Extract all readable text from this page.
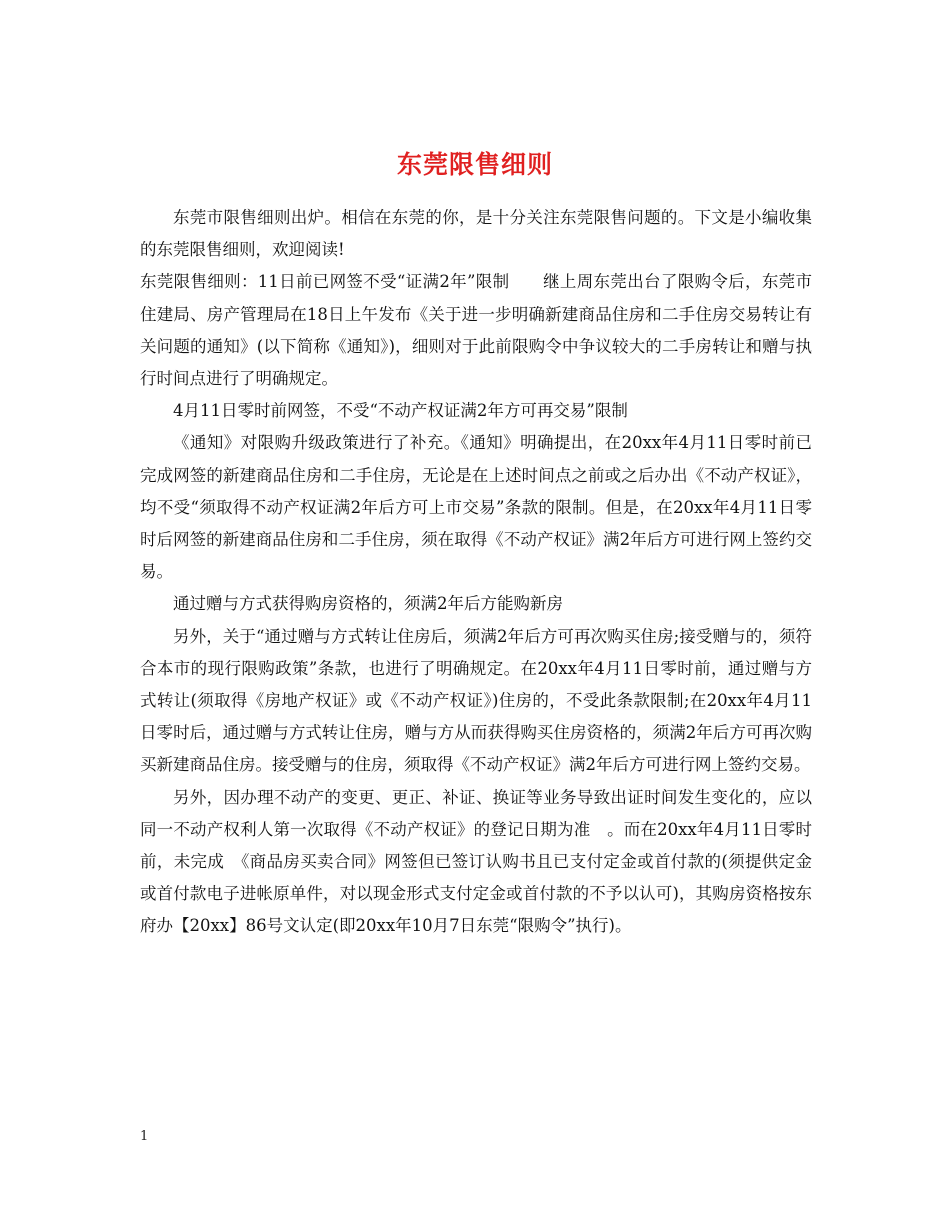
东莞限售细则

东莞市限售细则出炉。相信在东莞的你，是十分关注东莞限售问题的。下文是小编收集的东莞限售细则，欢迎阅读!

东莞限售细则：11日前已网签不受“证满2年”限制　　继上周东莞出台了限购令后，东莞市住建局、房产管理局在18日上午发布《关于进一步明确新建商品住房和二手住房交易转让有关问题的通知》(以下简称《通知》)，细则对于此前限购令中争议较大的二手房转让和赠与执行时间点进行了明确规定。

4月11日零时前网签，不受“不动产权证满2年方可再交易”限制

《通知》对限购升级政策进行了补充。《通知》明确提出，在20xx年4月11日零时前已完成网签的新建商品住房和二手住房，无论是在上述时间点之前或之后办出《不动产权证》，均不受“须取得不动产权证满2年后方可上市交易”条款的限制。但是，在20xx年4月11日零时后网签的新建商品住房和二手住房，须在取得《不动产权证》满2年后方可进行网上签约交易。

通过赠与方式获得购房资格的，须满2年后方能购新房

另外，关于“通过赠与方式转让住房后，须满2年后方可再次购买住房;接受赠与的，须符合本市的现行限购政策”条款，也进行了明确规定。在20xx年4月11日零时前，通过赠与方式转让(须取得《房地产权证》或《不动产权证》)住房的，不受此条款限制;在20xx年4月11日零时后，通过赠与方式转让住房，赠与方从而获得购买住房资格的，须满2年后方可再次购买新建商品住房。接受赠与的住房，须取得《不动产权证》满2年后方可进行网上签约交易。

另外，因办理不动产的变更、更正、补证、换证等业务导致出证时间发生变化的，应以同一不动产权利人第一次取得《不动产权证》的登记日期为准　。而在20xx年4月11日零时前，未完成　《商品房买卖合同》网签但已签订认购书且已支付定金或首付款的(须提供定金或首付款电子进帐原单件，对以现金形式支付定金或首付款的不予以认可)，其购房资格按东府办【20xx】86号文认定(即20xx年10月7日东莞“限购令”执行)。

1
